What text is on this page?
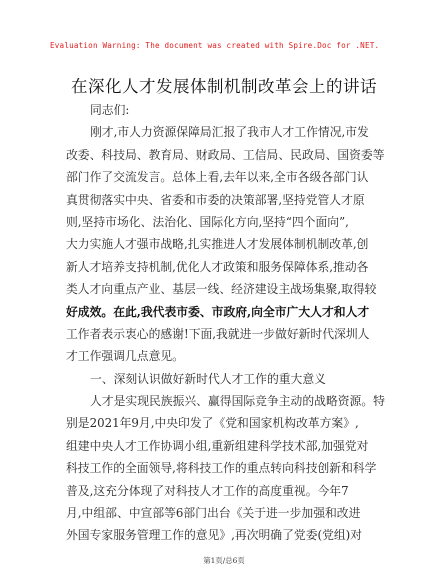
Evaluation Warning: The document was created with Spire.Doc for .NET.
在深化人才发展体制机制改革会上的讲话
同志们:
刚才,市人力资源保障局汇报了我市人才工作情况,市发
改委、科技局、教育局、财政局、工信局、民政局、国资委等
部门作了交流发言。总体上看,去年以来,全市各级各部门认
真贯彻落实中央、省委和市委的决策部署,坚持党管人才原
则,坚持市场化、法治化、国际化方向,坚持“四个面向”,
大力实施人才强市战略,扎实推进人才发展体制机制改革,创
新人才培养支持机制,优化人才政策和服务保障体系,推动各
类人才向重点产业、基层一线、经济建设主战场集聚,取得较
好成效。在此,我代表市委、市政府,向全市广大人才和人才
工作者表示衷心的感谢!下面,我就进一步做好新时代深圳人
才工作强调几点意见。
一、深刻认识做好新时代人才工作的重大意义
人才是实现民族振兴、赢得国际竞争主动的战略资源。特
别是2021年9月,中央印发了《党和国家机构改革方案》,
组建中央人才工作协调小组,重新组建科学技术部,加强党对
科技工作的全面领导,将科技工作的重点转向科技创新和科学
普及,这充分体现了对科技人才工作的高度重视。今年7
月,中组部、中宣部等6部门出台《关于进一步加强和改进
外国专家服务管理工作的意见》,再次明确了党委(党组)对
第1页/总6页
